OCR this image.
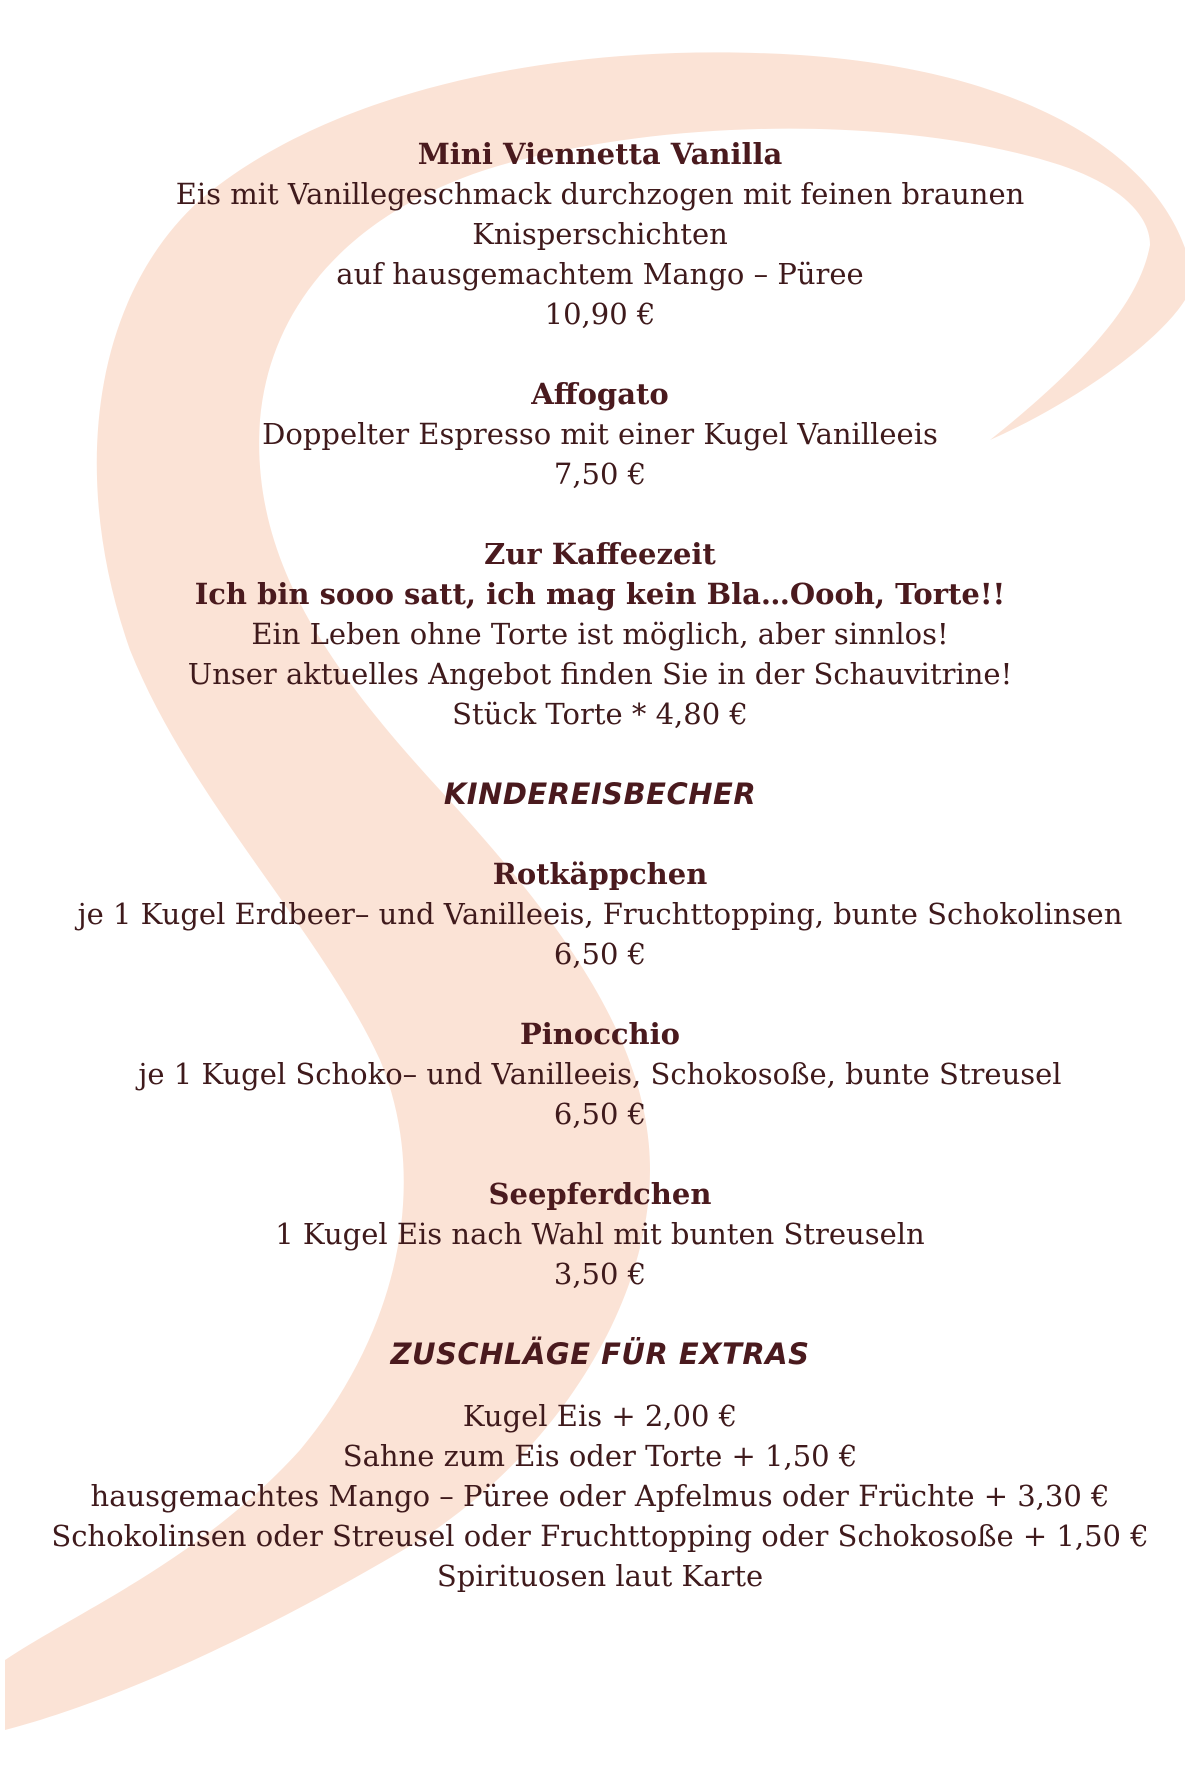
Mini Viennetta Vanilla

Eis mit Vanillegeschmack durchzogen mit feinen braunen

Knisperschichten

auf hausgemachtem Mango – Püree

10,90 €

Affogato

Doppelter Espresso mit einer Kugel Vanilleeis

7,50 €

Zur Kaffeezeit

Ich bin sooo satt, ich mag kein Bla…Oooh, Torte!!

Ein Leben ohne Torte ist möglich, aber sinnlos!

Unser aktuelles Angebot finden Sie in der Schauvitrine!

Stück Torte * 4,80 €

KINDEREISBECHER

Rotkäppchen

je 1 Kugel Erdbeer– und Vanilleeis, Fruchttopping, bunte Schokolinsen

6,50 €

Pinocchio

je 1 Kugel Schoko– und Vanilleeis, Schokosoße, bunte Streusel

6,50 €

Seepferdchen

1 Kugel Eis nach Wahl mit bunten Streuseln

3,50 €

ZUSCHLÄGE FÜR EXTRAS

Kugel Eis + 2,00 €

Sahne zum Eis oder Torte + 1,50 €

hausgemachtes Mango – Püree oder Apfelmus oder Früchte + 3,30 €

Schokolinsen oder Streusel oder Fruchttopping oder Schokosoße + 1,50 €

Spirituosen laut Karte
